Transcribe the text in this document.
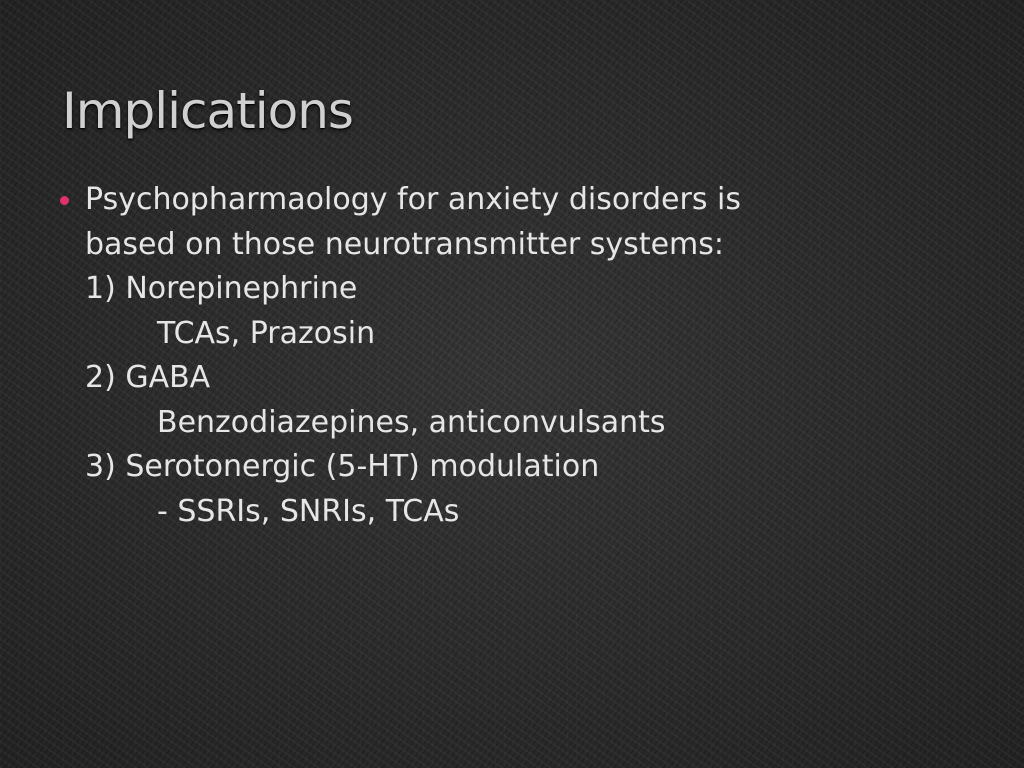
Implications
Psychopharmaology for anxiety disorders is
based on those neurotransmitter systems:
1) Norepinephrine
TCAs, Prazosin
2) GABA
Benzodiazepines, anticonvulsants
3) Serotonergic (5-HT) modulation
- SSRIs, SNRIs, TCAs
